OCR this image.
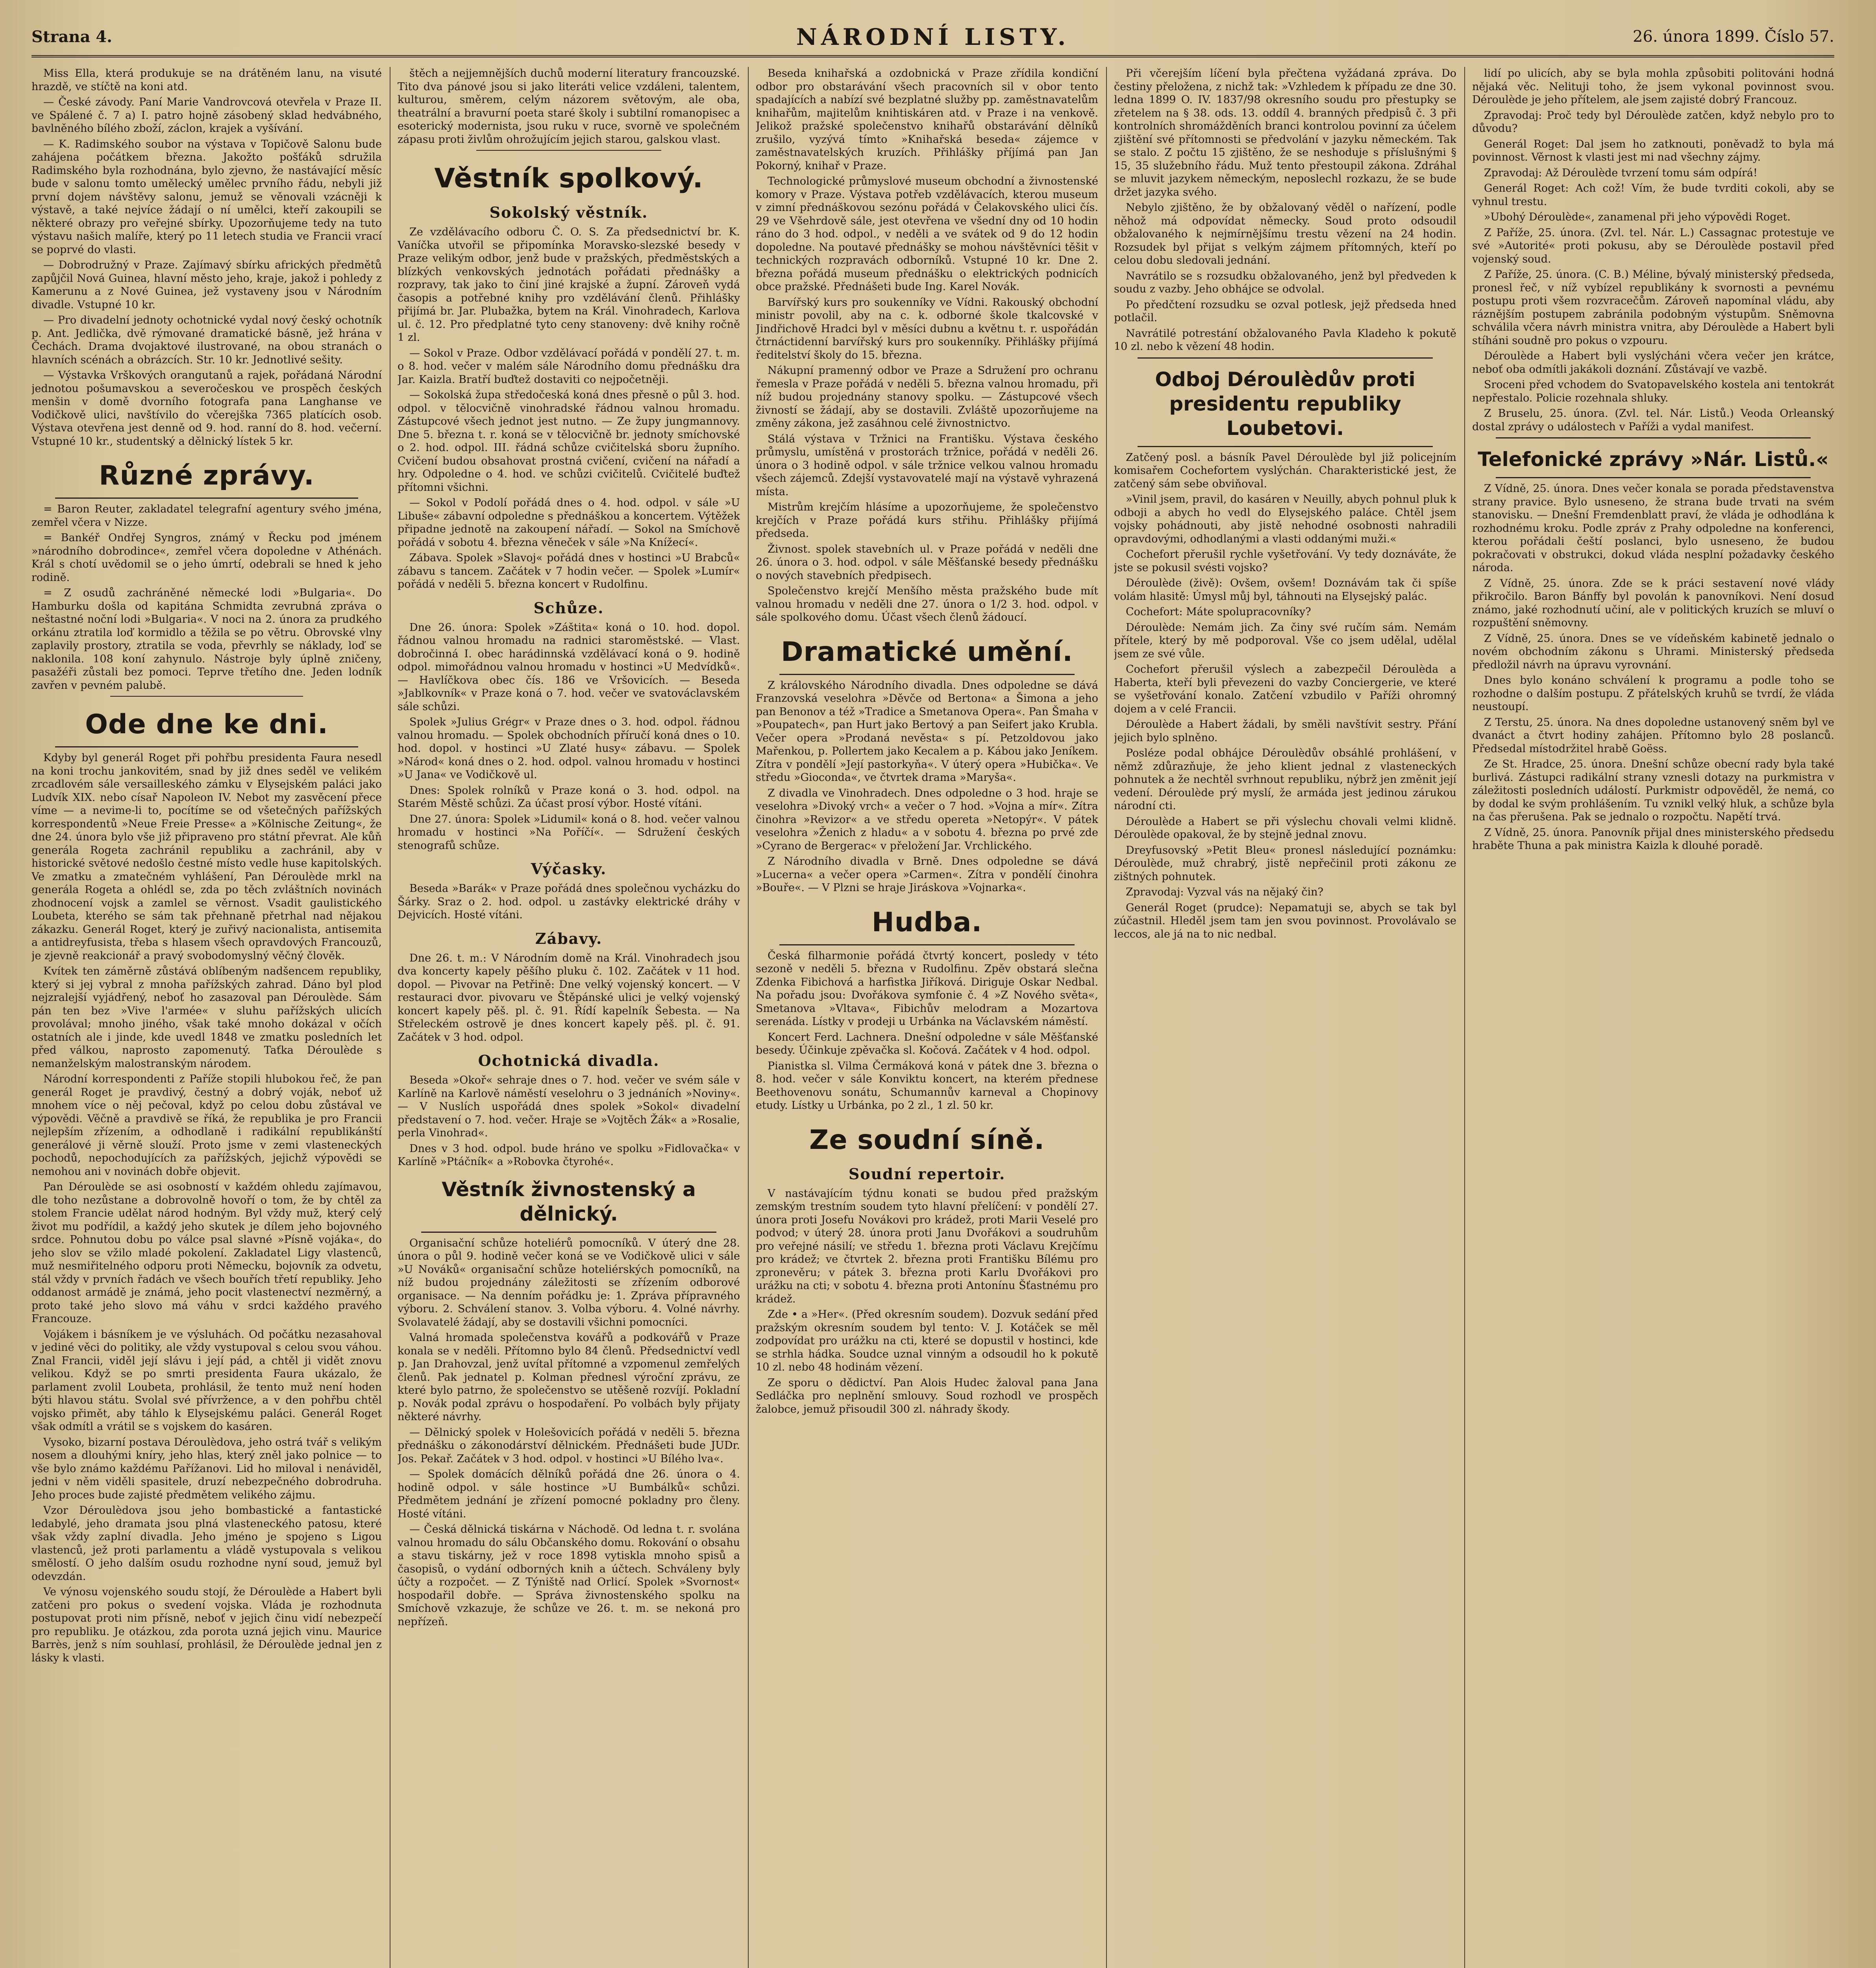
Strana 4.	NÁRODNÍ LISTY.	26. února 1899. Číslo 57.

Miss Ella, která produkuje se na drátěném lanu, na visuté hrazdě, ve stíčtě na koni atd.

— České závody. Paní Marie Vandrovcová otevřela v Praze II. ve Spálené č. 7 a) I. patro hojně zásobený sklad hedvábného, bavlněného bílého zboží, záclon, krajek a vyšívání.

— K. Radimského soubor na výstava v Topičově Salonu bude zahájena počátkem března. Jakožto pošťáků sdružila Radimského byla rozhodnána, bylo zjevno, že nastávající měsíc bude v salonu tomto umělecký umělec prvního řádu, nebyli již první dojem návštěvy salonu, jemuž se věnovali vzácněji k výstavě, a také nejvíce žádají o ní umělci, kteří zakoupili se některé obrazy pro veřejné sbírky. Upozorňujeme tedy na tuto výstavu našich malíře, který po 11 letech studia ve Francii vrací se poprvé do vlasti.

— Dobrodružný v Praze. Zajímavý sbírku afrických předmětů zapůjčil Nová Guinea, hlavní město jeho, kraje, jakož i pohledy z Kamerunu a z Nové Guinea, jež vystaveny jsou v Národním divadle. Vstupné 10 kr.

— Pro divadelní jednoty ochotnické vydal nový český ochotník p. Ant. Jedlička, dvě rýmované dramatické básně, jež hrána v Čechách. Drama dvojaktové ilustrované, na obou stranách o hlavních scénách a obrázcích. Str. 10 kr. Jednotlivé sešity.

— Výstavka Vrškových orangutanů a rajek, pořádaná Národní jednotou pošumavskou a severočeskou ve prospěch českých menšin v domě dvorního fotografa pana Langhanse ve Vodičkově ulici, navštívilo do včerejška 7365 platících osob. Výstava otevřena jest denně od 9. hod. ranní do 8. hod. večerní. Vstupné 10 kr., studentský a dělnický lístek 5 kr.

Různé zprávy.

= Baron Reuter, zakladatel telegrafní agentury svého jména, zemřel včera v Nizze.

= Bankéř Ondřej Syngros, známý v Řecku pod jménem »národního dobrodince«, zemřel včera dopoledne v Athénách. Král s chotí uvědomil se o jeho úmrtí, odebrali se hned k jeho rodině.

= Z osudů zachráněné německé lodi »Bulgaria«. Do Hamburku došla od kapitána Schmidta zevrubná zpráva o neštastné noční lodi »Bulgaria«. V noci na 2. února za prudkého orkánu ztratila loď kormidlo a těžila se po větru. Obrovské vlny zaplavily prostory, ztratila se voda, převrhly se náklady, loď se naklonila. 108 koní zahynulo. Nástroje byly úplně zničeny, pasažéři zůstali bez pomoci. Teprve třetího dne. Jeden lodník zavřen v pevném palubě.

Ode dne ke dni.

Kdyby byl generál Roget při pohřbu presidenta Faura nesedl na koni trochu jankovitém, snad by již dnes seděl ve velikém zrcadlovém sále versailleského zámku v Elysejském paláci jako Ludvík XIX. nebo císař Napoleon IV. Nebot my zasvěcení přece víme — a nevime-li to, pocítíme se od všetečných pařížských korrespondentů »Neue Freie Presse« a »Kölnische Zeitung«, že dne 24. února bylo vše již připraveno pro státní převrat. Ale kůň generála Rogeta zachránil republiku a zachránil, aby v historické světové nedošlo čestné místo vedle huse kapitolských. Ve zmatku a zmatečném vyhlášení, Pan Déroulède mrkl na generála Rogeta a ohlédl se, zda po těch zvláštních novinách zhodnocení vojsk a zamlel se věrnost. Vsadit gaulistického Loubeta, kterého se sám tak přehnaně přetrhal nad nějakou zákazku. Generál Roget, který je zuřivý nacionalista, antisemita a antidreyfusista, třeba s hlasem všech opravdových Francouzů, je zjevně reakcionář a pravý svobodomyslný věčný člověk.

Kvítek ten záměrně zůstává oblíbeným nadšencem republiky, který si jej vybral z mnoha pařížských zahrad. Dáno byl plod nejzralejší vyjádřený, neboť ho zasazoval pan Déroulède. Sám pán ten bez »Vive l'armée« v sluhu pařížských ulicích provolával; mnoho jiného, však také mnoho dokázal v očích ostatních ale i jinde, kde uvedl 1848 ve zmatku posledních let před válkou, naprosto zapomenutý. Taťka Déroulède s nemanželským malostranským národem.

Národní korrespondenti z Paříže stopili hlubokou řeč, že pan generál Roget je pravdivý, čestný a dobrý voják, neboť už mnohem více o něj pečoval, když po celou dobu zůstával ve výpovědi. Věčně a pravdivě se říká, že republika je pro Francii nejlepším zřízením, a odhodlaně i radikální republikánští generálové ji věrně slouží. Proto jsme v zemi vlasteneckých pochodů, nepochodujících za pařížských, jejichž výpovědi se nemohou ani v novinách dobře objevit.

Pan Déroulède se asi osobností v každém ohledu zajímavou, dle toho nezůstane a dobrovolně hovoří o tom, že by chtěl za stolem Francie udělat národ hodným. Byl vždy muž, který celý život mu podřídil, a každý jeho skutek je dílem jeho bojovného srdce. Pohnutou dobu po válce psal slavné »Písně vojáka«, do jeho slov se vžilo mladé pokolení. Zakladatel Ligy vlastenců, muž nesmiřitelného odporu proti Německu, bojovník za odvetu, stál vždy v prvních řadách ve všech bouřích třetí republiky. Jeho oddanost armádě je známá, jeho pocit vlastenectví nezměrný, a proto také jeho slovo má váhu v srdci každého pravého Francouze.

Vojákem i básníkem je ve výsluhách. Od počátku nezasahoval v jediné věci do politiky, ale vždy vystupoval s celou svou váhou. Znal Francii, viděl její slávu i její pád, a chtěl ji vidět znovu velikou. Když se po smrti presidenta Faura ukázalo, že parlament zvolil Loubeta, prohlásil, že tento muž není hoden býti hlavou státu. Svolal své přívržence, a v den pohřbu chtěl vojsko přimět, aby táhlo k Elysejskému paláci. Generál Roget však odmítl a vrátil se s vojskem do kasáren.

Vysoko, bizarní postava Déroulèdova, jeho ostrá tvář s velikým nosem a dlouhými kníry, jeho hlas, který zněl jako polnice — to vše bylo známo každému Pařížanovi. Lid ho miloval i nenáviděl, jedni v něm viděli spasitele, druzí nebezpečného dobrodruha. Jeho proces bude zajisté předmětem velikého zájmu.

Vzor Déroulèdova jsou jeho bombastické a fantastické ledabylé, jeho dramata jsou plná vlasteneckého patosu, které však vždy zaplní divadla. Jeho jméno je spojeno s Ligou vlastenců, jež proti parlamentu a vládě vystupovala s velikou smělostí. O jeho dalším osudu rozhodne nyní soud, jemuž byl odevzdán.

Ve výnosu vojenského soudu stojí, že Déroulède a Habert byli zatčeni pro pokus o svedení vojska. Vláda je rozhodnuta postupovat proti nim přísně, neboť v jejich činu vidí nebezpečí pro republiku. Je otázkou, zda porota uzná jejich vinu. Maurice Barrès, jenž s ním souhlasí, prohlásil, že Déroulède jednal jen z lásky k vlasti.

štěch a nejjemnějších duchů moderní literatury francouzské. Tito dva pánové jsou si jako literáti velice vzdáleni, talentem, kulturou, směrem, celým názorem světovým, ale oba, theatrální a bravurní poeta staré školy i subtilní romanopisec a esoterický modernista, jsou ruku v ruce, svorně ve společném zápasu proti živlům ohrožujícím jejich starou, galskou vlast.

Věstník spolkový.
Sokolský věstník.

Ze vzdělávacího odboru Č. O. S. Za předsednictví br. K. Vaníčka utvořil se připomínka Moravsko-slezské besedy v Praze velikým odbor, jenž bude v pražských, předměstských a blízkých venkovských jednotách pořádati přednášky a rozpravy, tak jako to činí jiné krajské a župní. Zároveň vydá časopis a potřebné knihy pro vzdělávání členů. Přihlášky přijímá br. Jar. Plubažka, bytem na Král. Vinohradech, Karlova ul. č. 12. Pro předplatné tyto ceny stanoveny: dvě knihy ročně 1 zl.

— Sokol v Praze. Odbor vzdělávací pořádá v pondělí 27. t. m. o 8. hod. večer v malém sále Národního domu přednášku dra Jar. Kaizla. Bratří buďtež dostaviti co nejpočetněji.

— Sokolská župa středočeská koná dnes přesně o půl 3. hod. odpol. v tělocvičně vinohradské řádnou valnou hromadu. Zástupcové všech jednot jest nutno. — Ze župy jungmannovy. Dne 5. března t. r. koná se v tělocvičně br. jednoty smíchovské o 2. hod. odpol. III. řádná schůze cvičitelská sboru župního. Cvičení budou obsahovat prostná cvičení, cvičení na nářadí a hry. Odpoledne o 4. hod. ve schůzi cvičitelů. Cvičitelé buďtež přítomni všichni.

— Sokol v Podolí pořádá dnes o 4. hod. odpol. v sále »U Libuše« zábavní odpoledne s přednáškou a koncertem. Výtěžek připadne jednotě na zakoupení nářadí. — Sokol na Smíchově pořádá v sobotu 4. března věneček v sále »Na Knížecí«.

Zábava. Spolek »Slavoj« pořádá dnes v hostinci »U Brabců« zábavu s tancem. Začátek v 7 hodin večer. — Spolek »Lumír« pořádá v neděli 5. března koncert v Rudolfinu.

Schůze.

Dne 26. února: Spolek »Záštita« koná o 10. hod. dopol. řádnou valnou hromadu na radnici staroměstské. — Vlast. dobročinná I. obec harádinnská vzdělávací koná o 9. hodině odpol. mimořádnou valnou hromadu v hostinci »U Medvídků«. — Havlíčkova obec čís. 186 ve Vršovicích. — Beseda »Jablkovník« v Praze koná o 7. hod. večer ve svatováclavském sále schůzi.

Spolek »Julius Grégr« v Praze dnes o 3. hod. odpol. řádnou valnou hromadu. — Spolek obchodních příručí koná dnes o 10. hod. dopol. v hostinci »U Zlaté husy« zábavu. — Spolek »Národ« koná dnes o 2. hod. odpol. valnou hromadu v hostinci »U Jana« ve Vodičkově ul.

Dnes: Spolek rolníků v Praze koná o 3. hod. odpol. na Starém Městě schůzi. Za účast prosí výbor. Hosté vítáni.

Dne 27. února: Spolek »Lidumil« koná o 8. hod. večer valnou hromadu v hostinci »Na Poříčí«. — Sdružení českých stenografů schůze.

Výčasky.

Beseda »Barák« v Praze pořádá dnes společnou vycházku do Šárky. Sraz o 2. hod. odpol. u zastávky elektrické dráhy v Dejvicích. Hosté vítáni.

Zábavy.

Dne 26. t. m.: V Národním domě na Král. Vinohradech jsou dva koncerty kapely pěšího pluku č. 102. Začátek v 11 hod. dopol. — Pivovar na Petřině: Dne velký vojenský koncert. — V restauraci dvor. pivovaru ve Štěpánské ulici je velký vojenský koncert kapely pěš. pl. č. 91. Řídí kapelník Šebesta. — Na Střeleckém ostrově je dnes koncert kapely pěš. pl. č. 91. Začátek v 3 hod. odpol.

Ochotnická divadla.

Beseda »Okoř« sehraje dnes o 7. hod. večer ve svém sále v Karlíně na Karlově náměstí veselohru o 3 jednáních »Noviny«. — V Nuslích uspořádá dnes spolek »Sokol« divadelní představení o 7. hod. večer. Hraje se »Vojtěch Žák« a »Rosalie, perla Vinohrad«.

Dnes v 3 hod. odpol. bude hráno ve spolku »Fidlovačka« v Karlíně »Ptáčník« a »Robovka čtyrohé«.

Věstník živnostenský a dělnický.

Organisační schůze hoteliérů pomocníků. V úterý dne 28. února o půl 9. hodině večer koná se ve Vodičkově ulici v sále »U Nováků« organisační schůze hoteliérských pomocníků, na níž budou projednány záležitosti se zřízením odborové organisace. — Na denním pořádku je: 1. Zpráva přípravného výboru. 2. Schválení stanov. 3. Volba výboru. 4. Volné návrhy. Svolavatelé žádají, aby se dostavili všichni pomocníci.

Valná hromada společenstva kovářů a podkovářů v Praze konala se v neděli. Přítomno bylo 84 členů. Předsednictví vedl p. Jan Drahovzal, jenž uvítal přítomné a vzpomenul zemřelých členů. Pak jednatel p. Kolman přednesl výroční zprávu, ze které bylo patrno, že společenstvo se utěšeně rozvíjí. Pokladní p. Novák podal zprávu o hospodaření. Po volbách byly přijaty některé návrhy.

— Dělnický spolek v Holešovicích pořádá v neděli 5. března přednášku o zákonodárství dělnickém. Přednášeti bude JUDr. Jos. Pekař. Začátek v 3 hod. odpol. v hostinci »U Bílého lva«.

— Spolek domácích dělníků pořádá dne 26. února o 4. hodině odpol. v sále hostince »U Bumbálků« schůzi. Předmětem jednání je zřízení pomocné pokladny pro členy. Hosté vítáni.

— Česká dělnická tiskárna v Náchodě. Od ledna t. r. svolána valnou hromadu do sálu Občanského domu. Rokování o obsahu a stavu tiskárny, jež v roce 1898 vytiskla mnoho spisů a časopisů, o vydání odborných knih a účtech. Schváleny byly účty a rozpočet. — Z Týniště nad Orlicí. Spolek »Svornost« hospodařil dobře. — Správa živnostenského spolku na Smíchově vzkazuje, že schůze ve 26. t. m. se nekoná pro nepřízeň.

Beseda knihařská a ozdobnická v Praze zřídila kondiční odbor pro obstarávání všech pracovních sil v obor tento spadajících a nabízí své bezplatné služby pp. zaměstnavatelům knihařům, majitelům knihtiskáren atd. v Praze i na venkově. Jelikož pražské společenstvo knihařů obstarávání dělníků zrušilo, vyzývá tímto »Knihařská beseda« zájemce v zaměstnavatelských kruzích. Přihlášky příjímá pan Jan Pokorný, knihař v Praze.

Technologické průmyslové museum obchodní a živnostenské komory v Praze. Výstava potřeb vzdělávacích, kterou museum v zimní přednáškovou sezónu pořádá v Čelakovského ulici čís. 29 ve Všehrdově sále, jest otevřena ve všední dny od 10 hodin ráno do 3 hod. odpol., v neděli a ve svátek od 9 do 12 hodin dopoledne. Na poutavé přednášky se mohou návštěvníci těšit v technických rozpravách odborníků. Vstupné 10 kr. Dne 2. března pořádá museum přednášku o elektrických podnicích obce pražské. Přednášeti bude Ing. Karel Novák.

Barvířský kurs pro soukenníky ve Vídni. Rakouský obchodní ministr povolil, aby na c. k. odborné škole tkalcovské v Jindřichově Hradci byl v měsíci dubnu a květnu t. r. uspořádán čtrnáctidenní barvířský kurs pro soukenníky. Přihlášky přijímá ředitelství školy do 15. března.

Nákupní pramenný odbor ve Praze a Sdružení pro ochranu řemesla v Praze pořádá v neděli 5. března valnou hromadu, při níž budou projednány stanovy spolku. — Zástupcové všech živností se žádají, aby se dostavili. Zvláště upozorňujeme na změny zákona, jež zasáhnou celé živnostnictvo.

Stálá výstava v Tržnici na Františku. Výstava českého průmyslu, umístěná v prostorách tržnice, pořádá v neděli 26. února o 3 hodině odpol. v sále tržnice velkou valnou hromadu všech zájemců. Zdejší vystavovatelé mají na výstavě vyhrazená místa.

Mistrům krejčím hlásíme a upozorňujeme, že společenstvo krejčích v Praze pořádá kurs střihu. Přihlášky přijímá předseda.

Živnost. spolek stavebních ul. v Praze pořádá v neděli dne 26. února o 3. hod. odpol. v sále Měšťanské besedy přednášku o nových stavebních předpisech.

Společenstvo krejčí Menšího města pražského bude mít valnou hromadu v neděli dne 27. února o 1/2 3. hod. odpol. v sále spolkového domu. Účast všech členů žádoucí.

Dramatické umění.

Z královského Národního divadla. Dnes odpoledne se dává Franzovská veselohra »Děvče od Bertona« a Šimona a jeho pan Benonov a též »Tradice a Smetanova Opera«. Pan Šmaha v »Poupatech«, pan Hurt jako Bertový a pan Seifert jako Krubla. Večer opera »Prodaná nevěsta« s pí. Petzoldovou jako Mařenkou, p. Pollertem jako Kecalem a p. Kábou jako Jeníkem. Zítra v pondělí »Její pastorkyňa«. V úterý opera »Hubička«. Ve středu »Gioconda«, ve čtvrtek drama »Maryša«.

Z divadla ve Vinohradech. Dnes odpoledne o 3 hod. hraje se veselohra »Divoký vrch« a večer o 7 hod. »Vojna a mír«. Zítra činohra »Revizor« a ve středu opereta »Netopýr«. V pátek veselohra »Ženich z hladu« a v sobotu 4. března po prvé zde »Cyrano de Bergerac« v přeložení Jar. Vrchlického.

Z Národního divadla v Brně. Dnes odpoledne se dává »Lucerna« a večer opera »Carmen«. Zítra v pondělí činohra »Bouře«. — V Plzni se hraje Jiráskova »Vojnarka«.

Hudba.

Česká filharmonie pořádá čtvrtý koncert, posledy v této sezoně v neděli 5. března v Rudolfinu. Zpěv obstará slečna Zdenka Fibichová a harfistka Jiříková. Diriguje Oskar Nedbal. Na pořadu jsou: Dvořákova symfonie č. 4 »Z Nového světa«, Smetanova »Vltava«, Fibichův melodram a Mozartova serenáda. Lístky v prodeji u Urbánka na Václavském náměstí.

Koncert Ferd. Lachnera. Dnešní odpoledne v sále Měšťanské besedy. Účinkuje zpěvačka sl. Kočová. Začátek v 4 hod. odpol.

Pianistka sl. Vilma Čermáková koná v pátek dne 3. března o 8. hod. večer v sále Konviktu koncert, na kterém přednese Beethovenovu sonátu, Schumannův karneval a Chopinovy etudy. Lístky u Urbánka, po 2 zl., 1 zl. 50 kr.

Ze soudní síně.
Soudní repertoir.

V nastávajícím týdnu konati se budou před pražským zemským trestním soudem tyto hlavní přelíčení: v pondělí 27. února proti Josefu Novákovi pro krádež, proti Marii Veselé pro podvod; v úterý 28. února proti Janu Dvořákovi a soudruhům pro veřejné násilí; ve středu 1. března proti Václavu Krejčímu pro krádež; ve čtvrtek 2. března proti Františku Bílému pro zpronevěru; v pátek 3. března proti Karlu Dvořákovi pro urážku na cti; v sobotu 4. března proti Antonínu Šťastnému pro krádež.

Zde • a »Her«. (Před okresním soudem). Dozvuk sedání před pražským okresním soudem byl tento: V. J. Kotáček se měl zodpovídat pro urážku na cti, které se dopustil v hostinci, kde se strhla hádka. Soudce uznal vinným a odsoudil ho k pokutě 10 zl. nebo 48 hodinám vězení.

Ze sporu o dědictví. Pan Alois Hudec žaloval pana Jana Sedláčka pro neplnění smlouvy. Soud rozhodl ve prospěch žalobce, jemuž přisoudil 300 zl. náhrady škody.

Při včerejším líčení byla přečtena vyžádaná zpráva. Do čestiny přeložena, z nichž tak: »Vzhledem k případu ze dne 30. ledna 1899 O. IV. 1837/98 okresního soudu pro přestupky se zřetelem na § 38. ods. 13. oddíl 4. branných předpisů č. 3 při kontrolních shromážděních branci kontrolou povinní za účelem zjištění své přítomnosti se předvolání v jazyku německém. Tak se stalo. Z počtu 15 zjištěno, že se neshoduje s příslušnými § 15, 35 služebního řádu. Muž tento přestoupil zákona. Zdráhal se mluvit jazykem německým, neposlechl rozkazu, že se bude držet jazyka svého.

Nebylo zjištěno, že by obžalovaný věděl o nařízení, podle něhož má odpovídat německy. Soud proto odsoudil obžalovaného k nejmírnějšímu trestu vězení na 24 hodin. Rozsudek byl přijat s velkým zájmem přítomných, kteří po celou dobu sledovali jednání.

Navrátilo se s rozsudku obžalovaného, jenž byl předveden k soudu z vazby. Jeho obhájce se odvolal.

Po předčtení rozsudku se ozval potlesk, jejž předseda hned potlačil.

Navrátilé potrestání obžalovaného Pavla Kladeho k pokutě 10 zl. nebo k vězení 48 hodin.

Odboj Déroulèdův proti presidentu republiky Loubetovi.

Zatčený posl. a básník Pavel Déroulède byl již policejním komisařem Cochefortem vyslýchán. Charakteristické jest, že zatčený sám sebe obviňoval.

»Vinil jsem, pravil, do kasáren v Neuilly, abych pohnul pluk k odboji a abych ho vedl do Elysejského paláce. Chtěl jsem vojsky pohádnouti, aby jistě nehodné osobnosti nahradili opravdovými, odhodlanými a vlasti oddanými muži.«

Cochefort přerušil rychle vyšetřování. Vy tedy doznáváte, že jste se pokusil svésti vojsko?

Déroulède (živě): Ovšem, ovšem! Doznávám tak či spíše volám hlasitě: Úmysl můj byl, táhnouti na Elysejský palác.

Cochefort: Máte spolupracovníky?

Déroulède: Nemám jich. Za činy své ručím sám. Nemám přítele, který by mě podporoval. Vše co jsem udělal, udělal jsem ze své vůle.

Cochefort přerušil výslech a zabezpečil Déroulèda a Haberta, kteří byli převezeni do vazby Conciergerie, ve které se vyšetřování konalo. Zatčení vzbudilo v Paříži ohromný dojem a v celé Francii.

Déroulède a Habert žádali, by směli navštívit sestry. Přání jejich bylo splněno.

Posléze podal obhájce Déroulèdův obsáhlé prohlášení, v němž zdůrazňuje, že jeho klient jednal z vlasteneckých pohnutek a že nechtěl svrhnout republiku, nýbrž jen změnit její vedení. Déroulède prý myslí, že armáda jest jedinou zárukou národní cti.

Déroulède a Habert se při výslechu chovali velmi klidně. Déroulède opakoval, že by stejně jednal znovu.

Dreyfusovský »Petit Bleu« pronesl následující poznámku: Déroulède, muž chrabrý, jistě nepřečinil proti zákonu ze zištných pohnutek.

Zpravodaj: Vyzval vás na nějaký čin?

Generál Roget (prudce): Nepamatuji se, abych se tak byl zúčastnil. Hleděl jsem tam jen svou povinnost. Provolávalo se leccos, ale já na to nic nedbal.

lidí po ulicích, aby se byla mohla způsobiti politováni hodná nějaká věc. Nelituji toho, že jsem vykonal povinnost svou. Déroulède je jeho přítelem, ale jsem zajisté dobrý Francouz.

Zpravodaj: Proč tedy byl Déroulède zatčen, když nebylo pro to důvodu?

Generál Roget: Dal jsem ho zatknouti, poněvadž to byla má povinnost. Věrnost k vlasti jest mi nad všechny zájmy.

Zpravodaj: Až Déroulède tvrzení tomu sám odpírá!

Generál Roget: Ach což! Vím, že bude tvrditi cokoli, aby se vyhnul trestu.

»Ubohý Déroulède«, zanamenal při jeho výpovědi Roget.

Z Paříže, 25. února. (Zvl. tel. Nár. L.) Cassagnac protestuje ve své »Autorité« proti pokusu, aby se Déroulède postavil před vojenský soud.

Z Paříže, 25. února. (C. B.) Méline, bývalý ministerský předseda, pronesl řeč, v níž vybízel republikány k svornosti a pevnému postupu proti všem rozvracečům. Zároveň napomínal vládu, aby ráznějším postupem zabránila podobným výstupům. Sněmovna schválila včera návrh ministra vnitra, aby Déroulède a Habert byli stíháni soudně pro pokus o vzpouru.

Déroulède a Habert byli vyslýcháni včera večer jen krátce, neboť oba odmítli jakákoli doznání. Zůstávají ve vazbě.

Sroceni před vchodem do Svatopavelského kostela ani tentokrát nepřestalo. Policie rozehnala shluky.

Z Bruselu, 25. února. (Zvl. tel. Nár. Listů.) Veoda Orleanský dostal zprávy o událostech v Paříži a vydal manifest.

Telefonické zprávy »Nár. Listů.«

Z Vídně, 25. února. Dnes večer konala se porada představenstva strany pravice. Bylo usneseno, že strana bude trvati na svém stanovisku. — Dnešní Fremdenblatt praví, že vláda je odhodlána k rozhodnému kroku. Podle zpráv z Prahy odpoledne na konferenci, kterou pořádali čeští poslanci, bylo usneseno, že budou pokračovati v obstrukci, dokud vláda nesplní požadavky českého národa.

Z Vídně, 25. února. Zde se k práci sestavení nové vlády přikročilo. Baron Bánffy byl povolán k panovníkovi. Není dosud známo, jaké rozhodnutí učiní, ale v politických kruzích se mluví o rozpuštění sněmovny.

Z Vídně, 25. února. Dnes se ve vídeňském kabinetě jednalo o novém obchodním zákonu s Uhrami. Ministerský předseda předložil návrh na úpravu vyrovnání.

Dnes bylo konáno schválení k programu a podle toho se rozhodne o dalším postupu. Z přátelských kruhů se tvrdí, že vláda neustoupí.

Z Terstu, 25. února. Na dnes dopoledne ustanovený sněm byl ve dvanáct a čtvrt hodiny zahájen. Přítomno bylo 28 poslanců. Předsedal místodržitel hrabě Goëss.

Ze St. Hradce, 25. února. Dnešní schůze obecní rady byla také burlivá. Zástupci radikální strany vznesli dotazy na purkmistra v záležitosti posledních událostí. Purkmistr odpověděl, že nemá, co by dodal ke svým prohlášením. Tu vznikl velký hluk, a schůze byla na čas přerušena. Pak se jednalo o rozpočtu. Napětí trvá.

Z Vídně, 25. února. Panovník přijal dnes ministerského předsedu hraběte Thuna a pak ministra Kaizla k dlouhé poradě.
